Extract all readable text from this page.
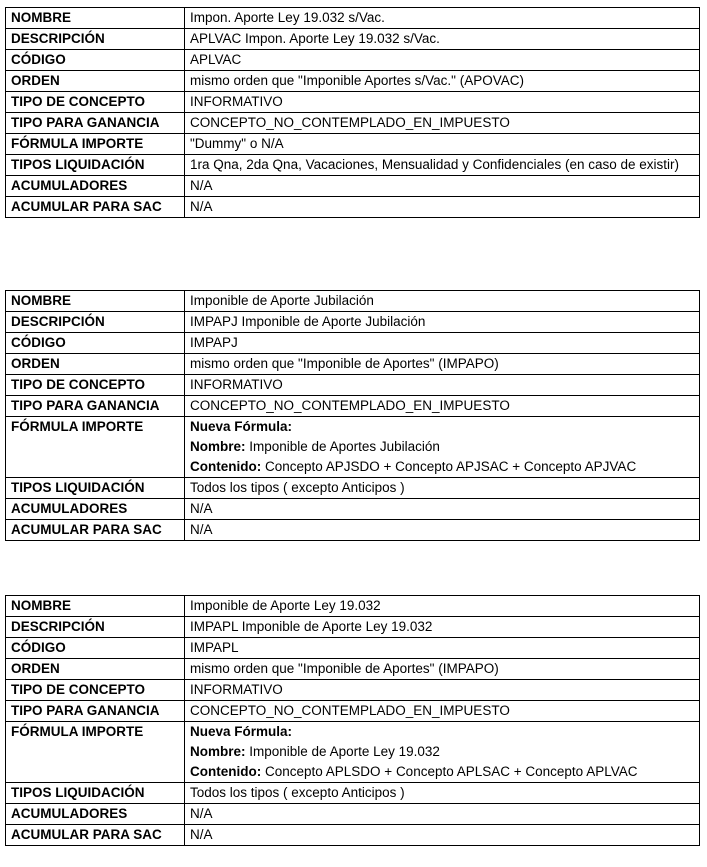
NOMBRE	Impon. Aporte Ley 19.032 s/Vac.
DESCRIPCIÓN	APLVAC Impon. Aporte Ley 19.032 s/Vac.
CÓDIGO	APLVAC
ORDEN	mismo orden que "Imponible Aportes s/Vac." (APOVAC)
TIPO DE CONCEPTO	INFORMATIVO
TIPO PARA GANANCIA	CONCEPTO_NO_CONTEMPLADO_EN_IMPUESTO
FÓRMULA IMPORTE	"Dummy" o N/A
TIPOS LIQUIDACIÓN	1ra Qna, 2da Qna, Vacaciones, Mensualidad y Confidenciales (en caso de existir)
ACUMULADORES	N/A
ACUMULAR PARA SAC	N/A
NOMBRE	Imponible de Aporte Jubilación
DESCRIPCIÓN	IMPAPJ Imponible de Aporte Jubilación
CÓDIGO	IMPAPJ
ORDEN	mismo orden que "Imponible de Aportes" (IMPAPO)
TIPO DE CONCEPTO	INFORMATIVO
TIPO PARA GANANCIA	CONCEPTO_NO_CONTEMPLADO_EN_IMPUESTO
FÓRMULA IMPORTE	Nueva Fórmula:
Nombre: Imponible de Aportes Jubilación
Contenido: Concepto APJSDO + Concepto APJSAC + Concepto APJVAC

TIPOS LIQUIDACIÓN	Todos los tipos ( excepto Anticipos )
ACUMULADORES	N/A
ACUMULAR PARA SAC	N/A
NOMBRE	Imponible de Aporte Ley 19.032
DESCRIPCIÓN	IMPAPL Imponible de Aporte Ley 19.032
CÓDIGO	IMPAPL
ORDEN	mismo orden que "Imponible de Aportes" (IMPAPO)
TIPO DE CONCEPTO	INFORMATIVO
TIPO PARA GANANCIA	CONCEPTO_NO_CONTEMPLADO_EN_IMPUESTO
FÓRMULA IMPORTE	Nueva Fórmula:
Nombre: Imponible de Aporte Ley 19.032
Contenido: Concepto APLSDO + Concepto APLSAC + Concepto APLVAC

TIPOS LIQUIDACIÓN	Todos los tipos ( excepto Anticipos )
ACUMULADORES	N/A
ACUMULAR PARA SAC	N/A
